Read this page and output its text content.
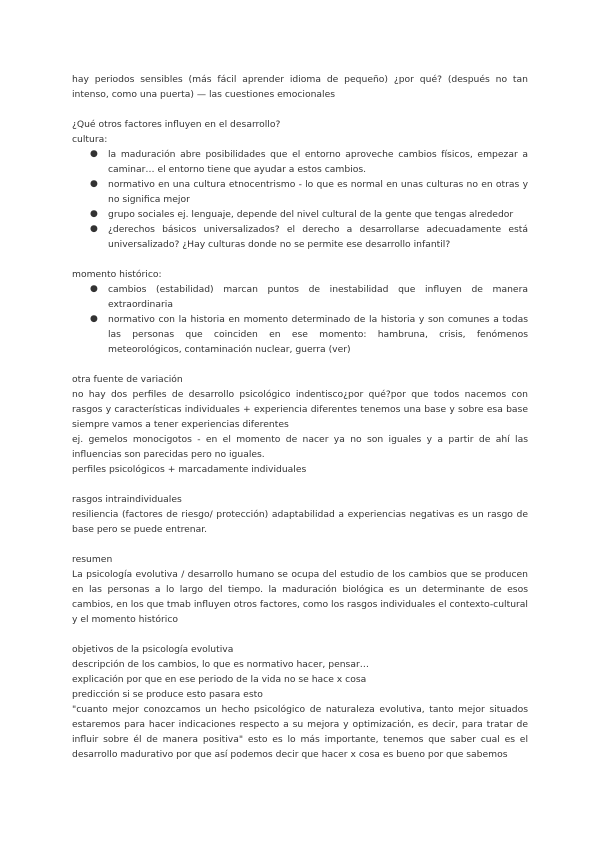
hay periodos sensibles (más fácil aprender idioma de pequeño) ¿por qué? (después no tan intenso, como una puerta) — las cuestiones emocionales

¿Qué otros factores influyen en el desarrollo?

cultura:

● la maduración abre posibilidades que el entorno aproveche cambios físicos, empezar a caminar… el entorno tiene que ayudar a estos cambios.
● normativo en una cultura etnocentrismo - lo que es normal en unas culturas no en otras y no significa mejor
● grupo sociales ej. lenguaje, depende del nivel cultural de la gente que tengas alrededor
● ¿derechos básicos universalizados? el derecho a desarrollarse adecuadamente está universalizado? ¿Hay culturas donde no se permite ese desarrollo infantil?

momento histórico:

● cambios (estabilidad) marcan puntos de inestabilidad que influyen de manera extraordinaria
● normativo con la historia en momento determinado de la historia y son comunes a todas las personas que coinciden en ese momento: hambruna, crisis, fenómenos meteorológicos, contaminación nuclear, guerra (ver)

otra fuente de variación

no hay dos perfiles de desarrollo psicológico indentisco¿por qué?por que todos nacemos con rasgos y características individuales + experiencia diferentes tenemos una base y sobre esa base siempre vamos a tener experiencias diferentes

ej. gemelos monocigotos - en el momento de nacer ya no son iguales y a partir de ahí las influencias son parecidas pero no iguales.

perfiles psicológicos + marcadamente individuales

rasgos intraindividuales

resiliencia (factores de riesgo/ protección) adaptabilidad a experiencias negativas es un rasgo de base pero se puede entrenar.

resumen

La psicología evolutiva / desarrollo humano se ocupa del estudio de los cambios que se producen en las personas a lo largo del tiempo. la maduración biológica es un determinante de esos cambios, en los que tmab influyen otros factores, como los rasgos individuales el contexto-cultural y el momento histórico

objetivos de la psicología evolutiva

descripción de los cambios, lo que es normativo hacer, pensar…

explicación por que en ese periodo de la vida no se hace x cosa

predicción si se produce esto pasara esto

"cuanto mejor conozcamos un hecho psicológico de naturaleza evolutiva, tanto mejor situados estaremos para hacer indicaciones respecto a su mejora y optimización, es decir, para tratar de influir sobre él de manera positiva" esto es lo más importante, tenemos que saber cual es el desarrollo madurativo por que así podemos decir que hacer x cosa es bueno por que sabemos
